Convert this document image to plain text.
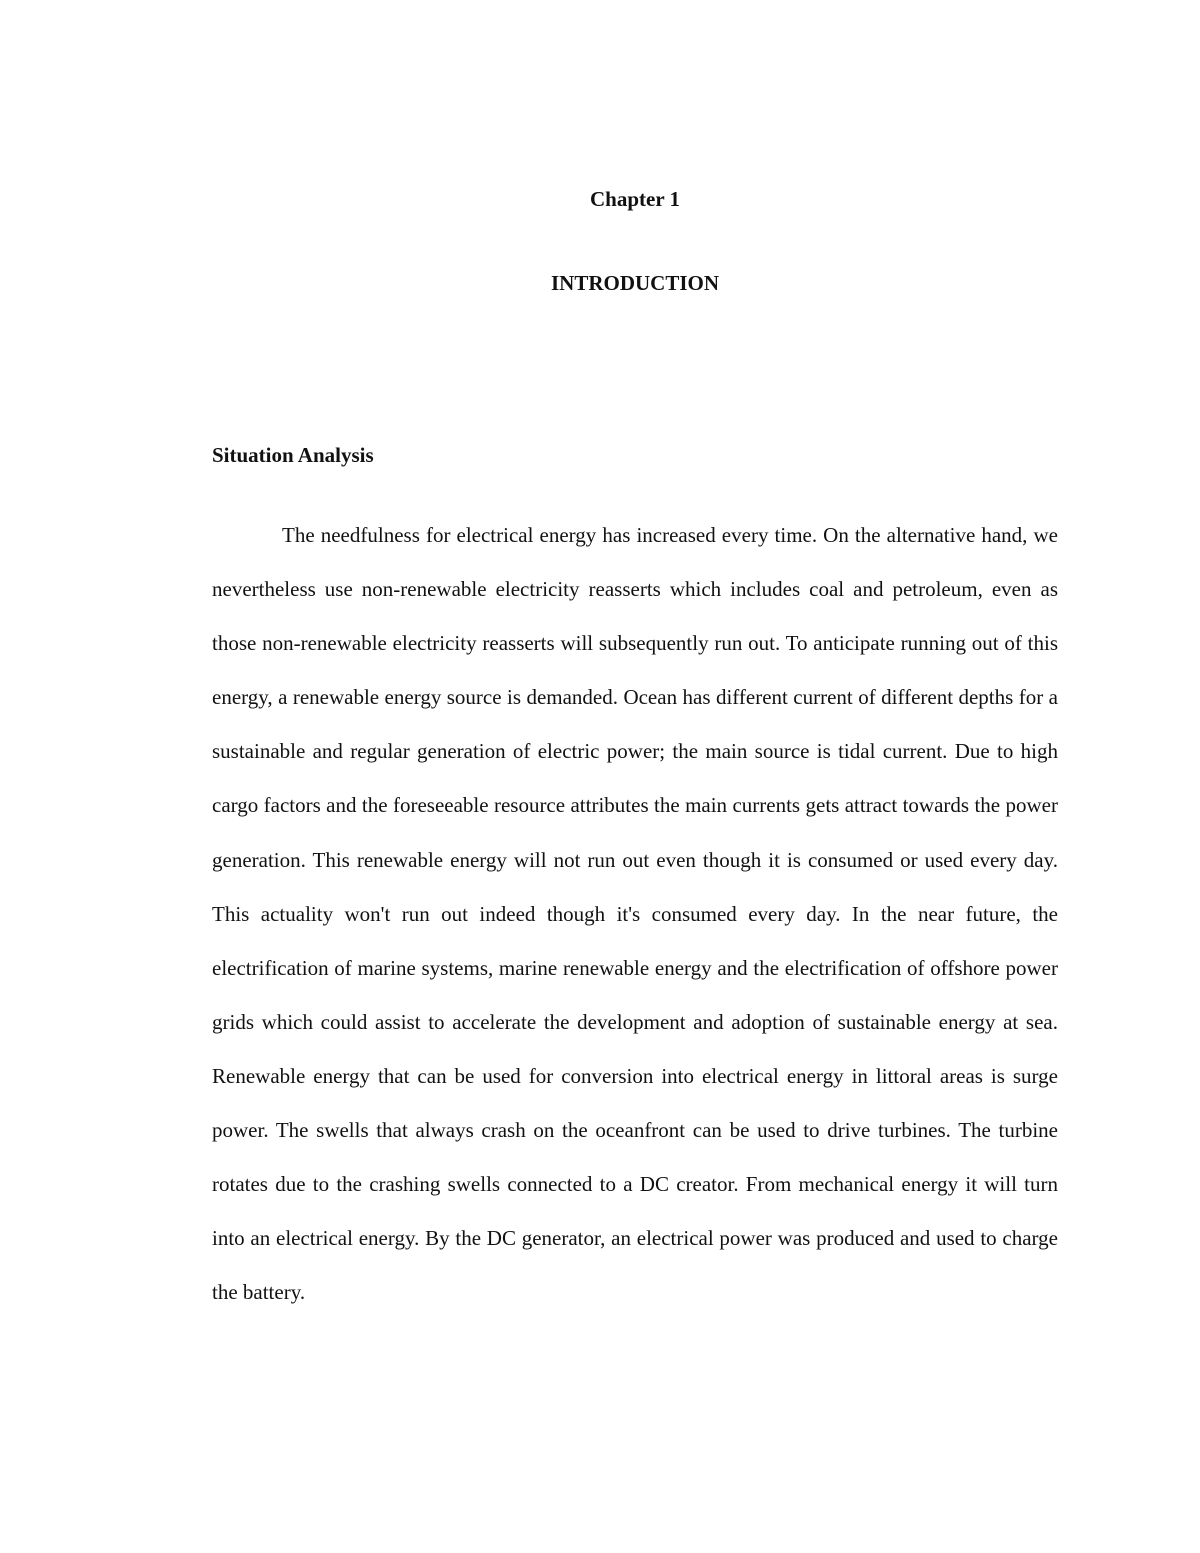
Chapter 1
INTRODUCTION
Situation Analysis

The needfulness for electrical energy has increased every time. On the alternative hand, we nevertheless use non-renewable electricity reasserts which includes coal and petroleum, even as those non-renewable electricity reasserts will subsequently run out. To anticipate running out of this energy, a renewable energy source is demanded. Ocean has different current of different depths for a sustainable and regular generation of electric power; the main source is tidal current. Due to high cargo factors and the foreseeable resource attributes the main currents gets attract towards the power generation. This renewable energy will not run out even though it is consumed or used every day. This actuality won't run out indeed though it's consumed every day. In the near future, the electrification of marine systems, marine renewable energy and the electrification of offshore power grids which could assist to accelerate the development and adoption of sustainable energy at sea. Renewable energy that can be used for conversion into electrical energy in littoral areas is surge power. The swells that always crash on the oceanfront can be used to drive turbines. The turbine rotates due to the crashing swells connected to a DC creator. From mechanical energy it will turn into an electrical energy. By the DC generator, an electrical power was produced and used to charge the battery.
